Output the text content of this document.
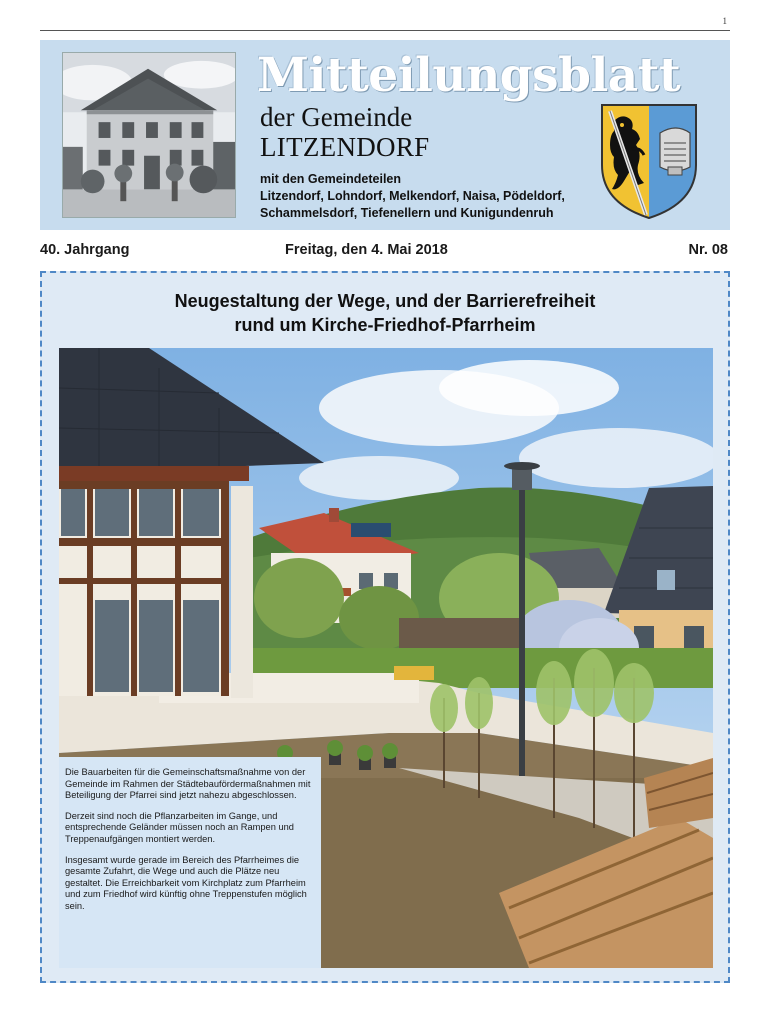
1
Mitteilungsblatt
der Gemeinde
LITZENDORF
mit den Gemeindeteilen
Litzendorf, Lohndorf, Melkendorf, Naisa, Pödeldorf,
Schammelsdorf, Tiefenellern und Kunigundenruh
40. Jahrgang	Freitag, den 4. Mai 2018	Nr. 08
Neugestaltung der Wege, und der Barrierefreiheit
rund um Kirche-Friedhof-Pfarrheim

Die Bauarbeiten für die Gemeinschaftsmaßnahme von der Gemeinde im Rahmen der Städtebaufördermaßnahmen mit Beteiligung der Pfarrei sind jetzt nahezu abgeschlossen.

Derzeit sind noch die Pflanzarbeiten im Gange, und entsprechende Geländer müssen noch an Rampen und Treppenaufgängen montiert werden.

Insgesamt wurde gerade im Bereich des Pfarrheimes die gesamte Zufahrt, die Wege und auch die Plätze neu gestaltet. Die Erreichbarkeit vom Kirchplatz zum Pfarrheim und zum Friedhof wird künftig ohne Treppenstufen möglich sein.
